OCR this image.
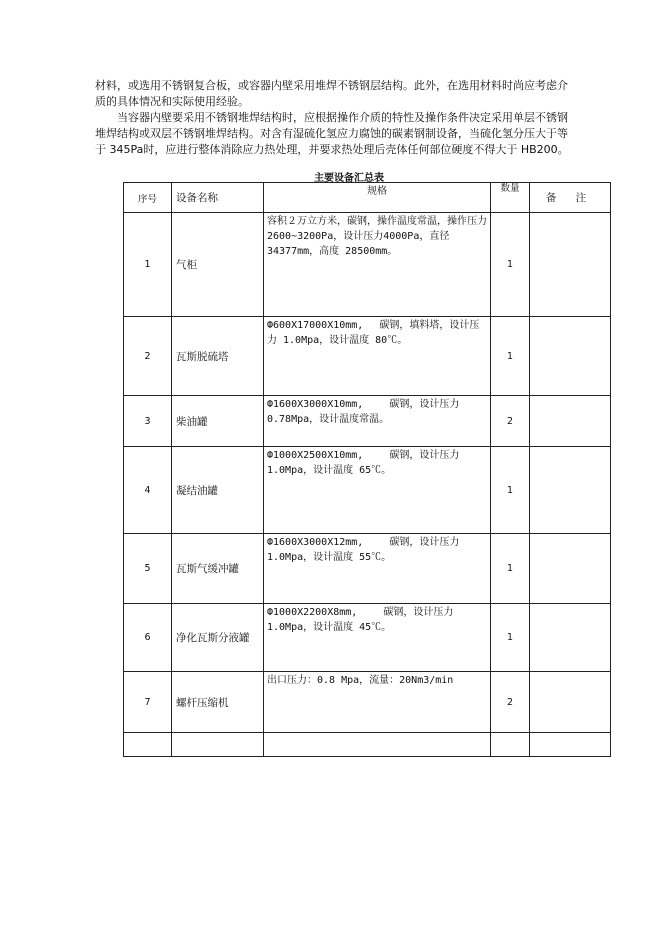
材料，或选用不锈钢复合板，或容器内壁采用堆焊不锈钢层结构。此外，在选用材料时尚应考虑介质的具体情况和实际使用经验。

　　当容器内壁要采用不锈钢堆焊结构时，应根据操作介质的特性及操作条件决定采用单层不锈钢堆焊结构或双层不锈钢堆焊结构。对含有湿硫化氢应力腐蚀的碳素钢制设备，当硫化氢分压大于等于 345Pa时，应进行整体消除应力热处理，并要求热处理后壳体任何部位硬度不得大于 HB200。

主要设备汇总表
序号	设备名称	规格	数量	备 注
1	气柜	容积２万立方米，碳钢，操作温度常温，操作压力2600~3200Pa，设计压力4000Pa，直径 34377mm，高度 28500mm。	1	
2	瓦斯脱硫塔	Ф600X17000X10mm,　 碳钢，填料塔，设计压力 1.0Mpa，设计温度 80℃。	1	
3	柴油罐	Ф1600X3000X10mm,　　 碳钢，设计压力 0.78Mpa，设计温度常温。	2	
4	凝结油罐	Ф1000X2500X10mm,　　 碳钢，设计压力 1.0Mpa，设计温度 65℃。	1	
5	瓦斯气缓冲罐	Ф1600X3000X12mm,　　 碳钢，设计压力 1.0Mpa，设计温度 55℃。	1	
6	净化瓦斯分液罐	Ф1000X2200X8mm,　　 碳钢，设计压力 1.0Mpa，设计温度 45℃。	1	
7	螺杆压缩机	出口压力：0.8 Mpa，流量：20Nm3/min	2	
